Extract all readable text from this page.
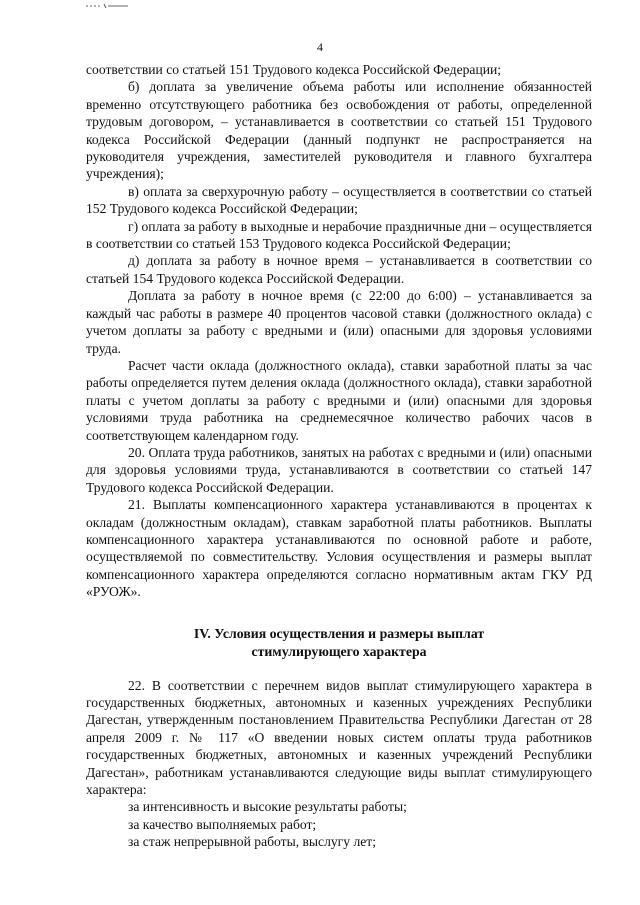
4

соответствии со статьей 151 Трудового кодекса Российской Федерации;

б) доплата за увеличение объема работы или исполнение обязанностей временно отсутствующего работника без освобождения от работы, определенной трудовым договором, – устанавливается в соответствии со статьей 151 Трудового кодекса Российской Федерации (данный подпункт не распространяется на руководителя учреждения, заместителей руководителя и главного бухгалтера учреждения);

в) оплата за сверхурочную работу – осуществляется в соответствии со статьей 152 Трудового кодекса Российской Федерации;

г) оплата за работу в выходные и нерабочие праздничные дни – осуществляется в соответствии со статьей 153 Трудового кодекса Российской Федерации;

д) доплата за работу в ночное время – устанавливается в соответствии со статьей 154 Трудового кодекса Российской Федерации.

Доплата за работу в ночное время (с 22:00 до 6:00) – устанавливается за каждый час работы в размере 40 процентов часовой ставки (должностного оклада) с учетом доплаты за работу с вредными и (или) опасными для здоровья условиями труда.

Расчет части оклада (должностного оклада), ставки заработной платы за час работы определяется путем деления оклада (должностного оклада), ставки заработной платы с учетом доплаты за работу с вредными и (или) опасными для здоровья условиями труда работника на среднемесячное количество рабочих часов в соответствующем календарном году.

20. Оплата труда работников, занятых на работах с вредными и (или) опасными для здоровья условиями труда, устанавливаются в соответствии со статьей 147 Трудового кодекса Российской Федерации.

21. Выплаты компенсационного характера устанавливаются в процентах к окладам (должностным окладам), ставкам заработной платы работников. Выплаты компенсационного характера устанавливаются по основной работе и работе, осуществляемой по совместительству. Условия осуществления и размеры выплат компенсационного характера определяются согласно нормативным актам ГКУ РД «РУОЖ».

IV. Условия осуществления и размеры выплат
стимулирующего характера

22. В соответствии с перечнем видов выплат стимулирующего характера в государственных бюджетных, автономных и казенных учреждениях Республики Дагестан, утвержденным постановлением Правительства Республики Дагестан от 28 апреля 2009 г. № 117 «О введении новых систем оплаты труда работников государственных бюджетных, автономных и казенных учреждений Республики Дагестан», работникам устанавливаются следующие виды выплат стимулирующего характера:

за интенсивность и высокие результаты работы;

за качество выполняемых работ;

за стаж непрерывной работы, выслугу лет;
